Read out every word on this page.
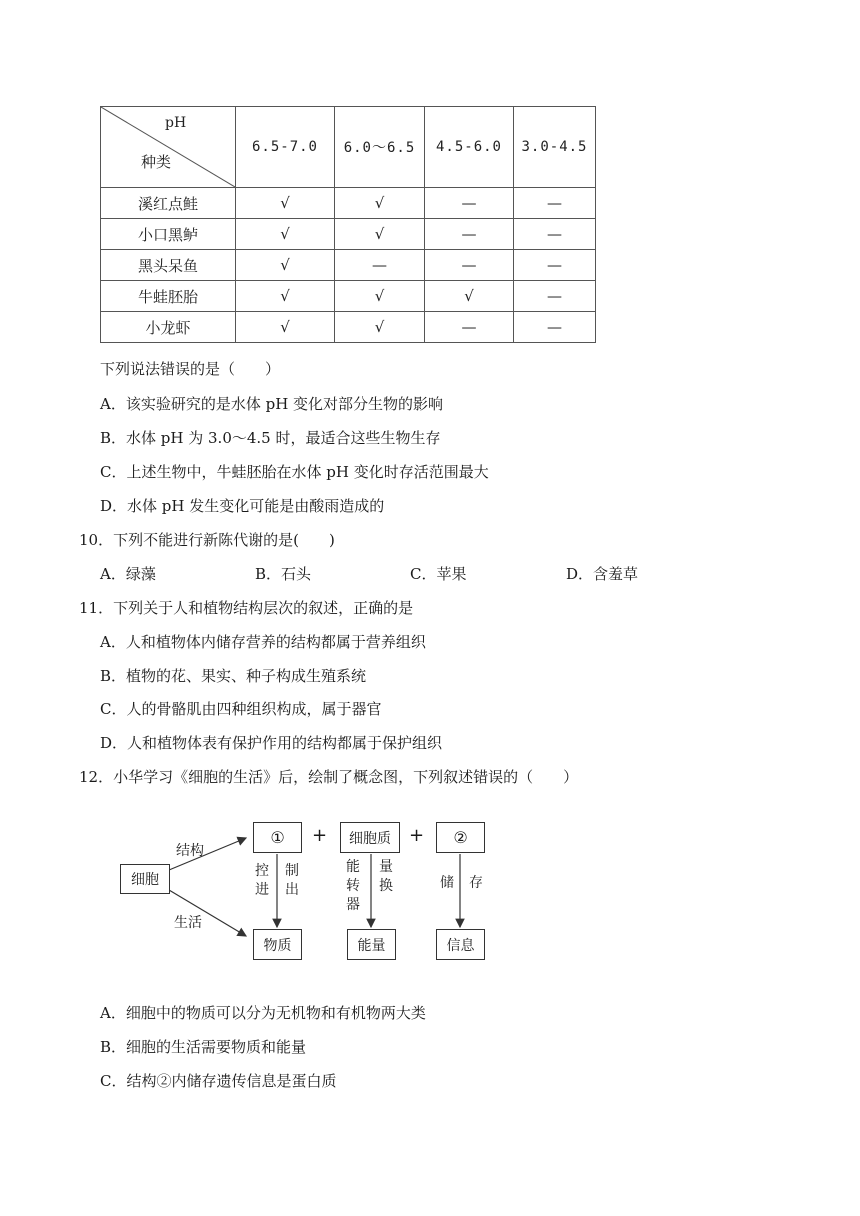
pH
种类	6.5-7.0	6.0～6.5	4.5-6.0	3.0-4.5
溪红点鲑	√	√	—	—
小口黑鲈	√	√	—	—
黑头呆鱼	√	—	—	—
牛蛙胚胎	√	√	√	—
小龙虾	√	√	—	—
下列说法错误的是（　　）
A．该实验研究的是水体 pH 变化对部分生物的影响
B．水体 pH 为 3.0～4.5 时，最适合这些生物生存
C．上述生物中，牛蛙胚胎在水体 pH 变化时存活范围最大
D．水体 pH 发生变化可能是由酸雨造成的
10．下列不能进行新陈代谢的是(　　)
A．绿藻	B．石头	C．苹果	D．含羞草
11．下列关于人和植物结构层次的叙述，正确的是
A．人和植物体内储存营养的结构都属于营养组织
B．植物的花、果实、种子构成生殖系统
C．人的骨骼肌由四种组织构成，属于器官
D．人和植物体表有保护作用的结构都属于保护组织
12．小华学习《细胞的生活》后，绘制了概念图，下列叙述错误的（　　）
细胞
结构
生活
①	+	细胞质	+	②
控进
制出
能转器
量换	储 存
物质	能量	信息
A．细胞中的物质可以分为无机物和有机物两大类
B．细胞的生活需要物质和能量
C．结构②内储存遗传信息是蛋白质
